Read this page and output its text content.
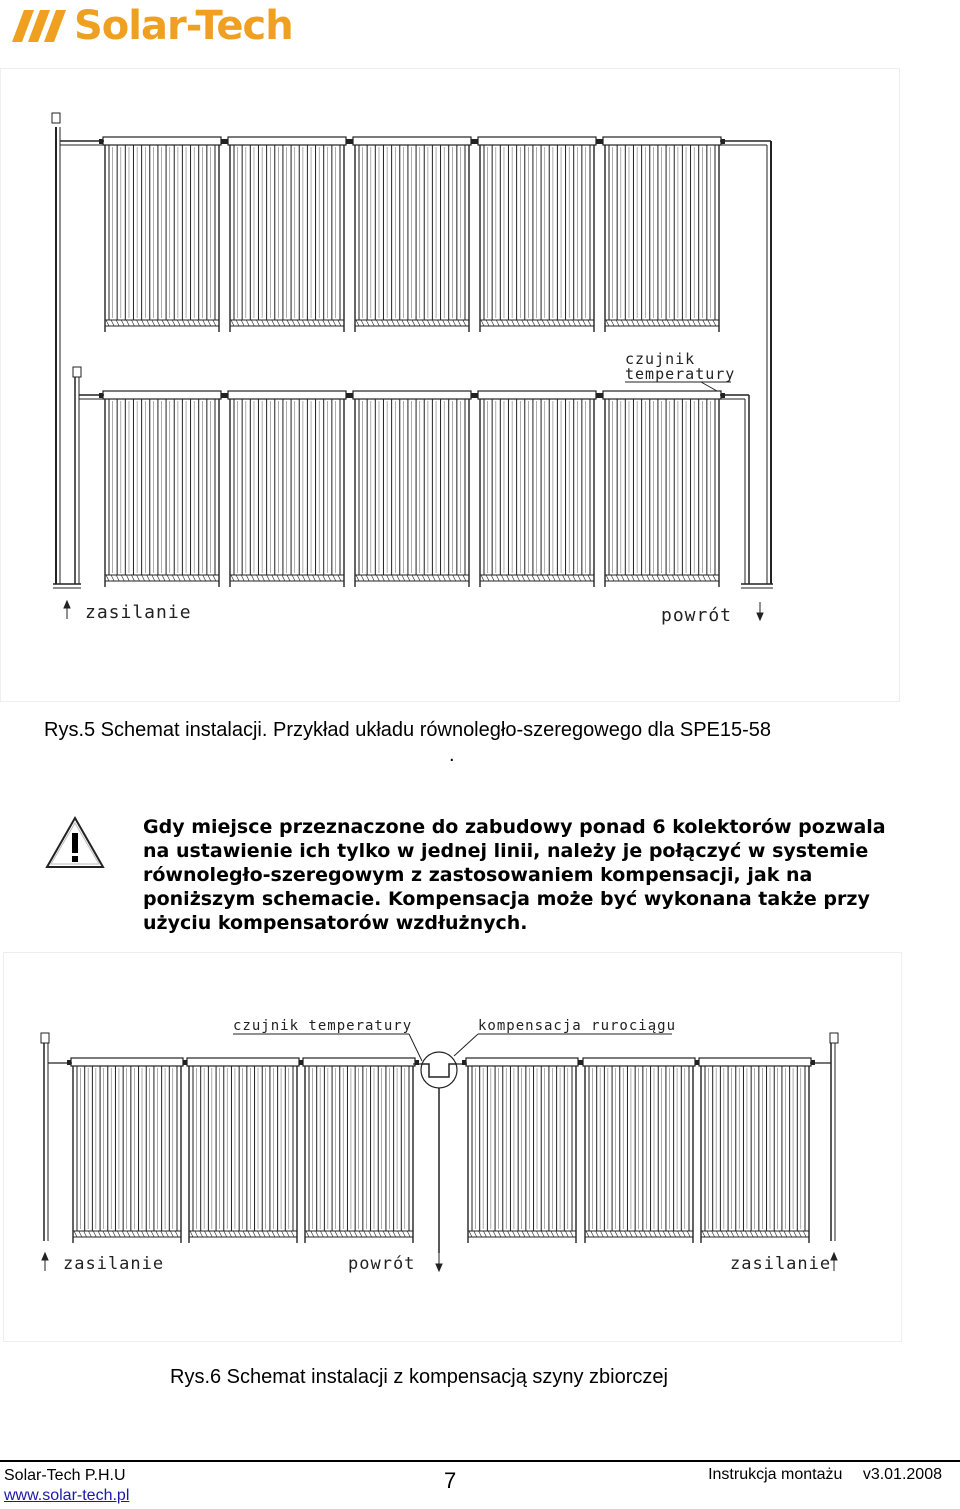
Solar-Tech
czujnik
temperatury
zasilanie	powrót
Rys.5 Schemat instalacji. Przykład układu równoległo-szeregowego dla SPE15-58
.

Gdy miejsce przeznaczone do zabudowy ponad 6 kolektorów pozwala na ustawienie ich tylko w jednej linii, należy je połączyć w systemie równoległo-szeregowym z zastosowaniem kompensacji, jak na poniższym schemacie. Kompensacja może być wykonana także przy użyciu kompensatorów wzdłużnych.

czujnik temperatury	kompensacja rurociągu
zasilanie	powrót	zasilanie
Rys.6 Schemat instalacji z kompensacją szyny zbiorczej
Solar-Tech P.H.U
www.solar-tech.pl
7	Instrukcja montażu v3.01.2008
